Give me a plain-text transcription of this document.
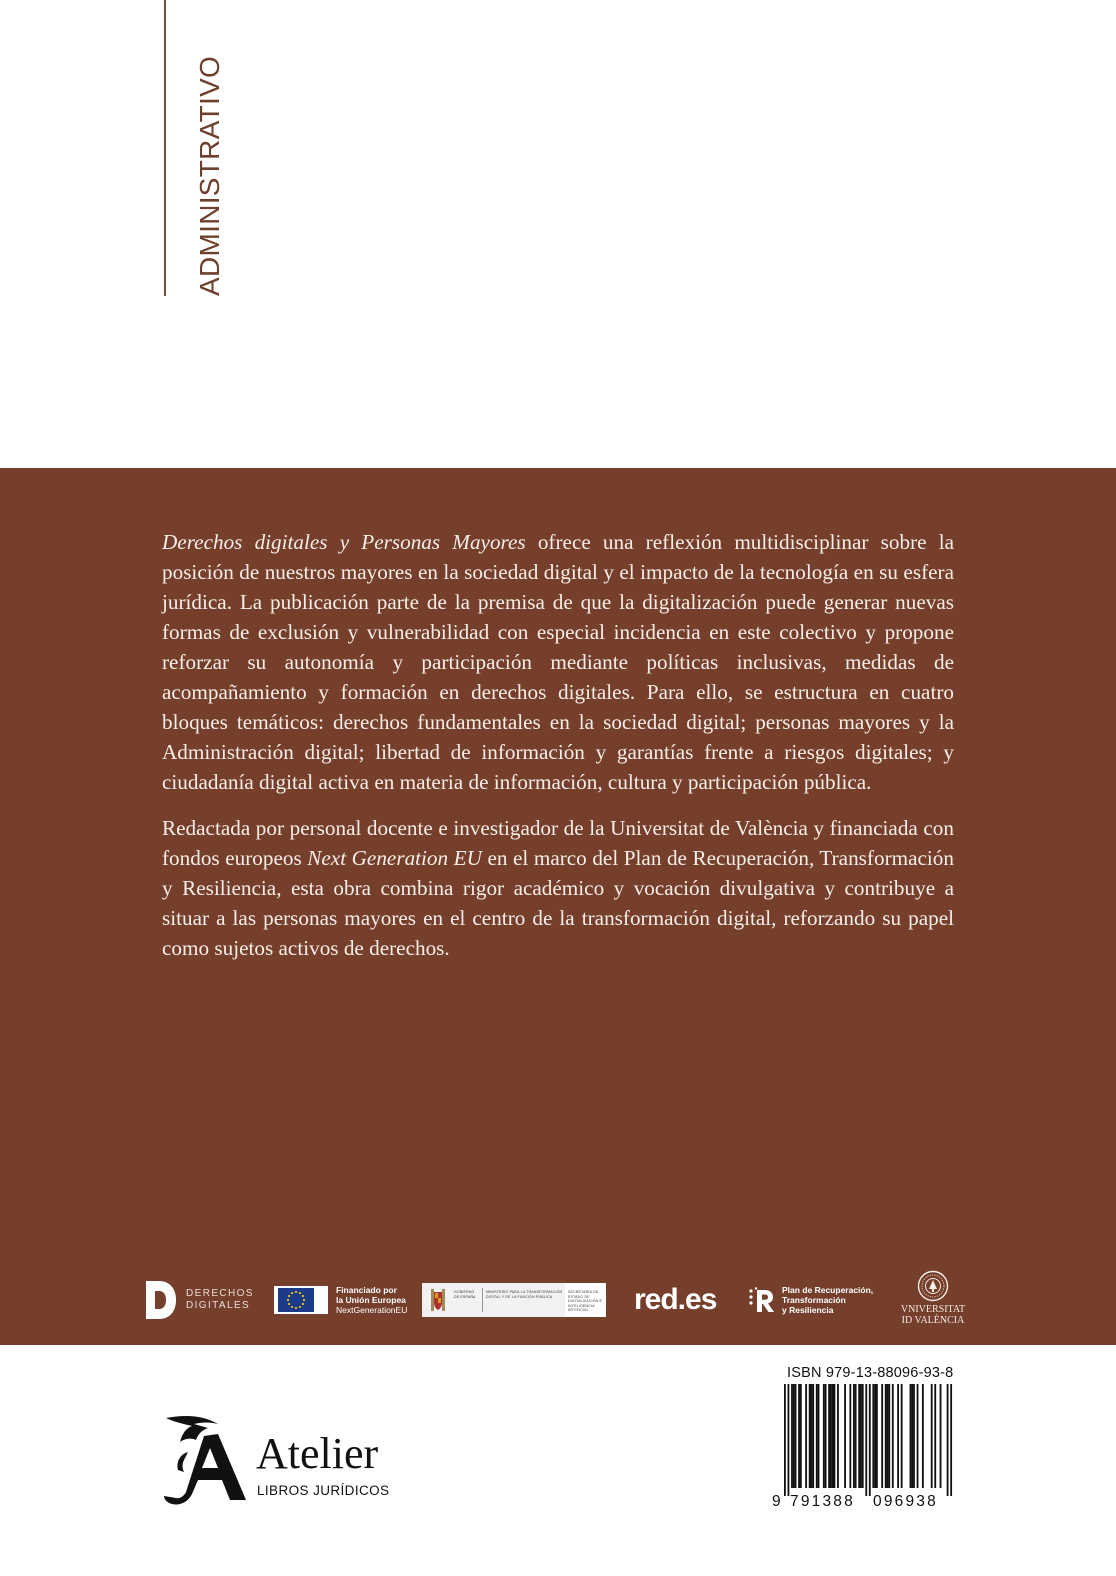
ADMINISTRATIVO

Derechos digitales y Personas Mayores ofrece una reflexión multidisciplinar sobre la posición de nuestros mayores en la sociedad digital y el impacto de la tecnología en su esfera jurídica. La publicación parte de la premisa de que la digitalización puede generar nuevas formas de exclusión y vulnerabilidad con especial incidencia en este colectivo y propone reforzar su autonomía y participación mediante políticas inclusivas, medidas de acompañamiento y formación en derechos digitales. Para ello, se estructura en cuatro bloques temáticos: derechos fundamentales en la sociedad digital; personas mayores y la Administración digital; libertad de información y garantías frente a riesgos digitales; y ciudadanía digital activa en materia de información, cultura y participación pública.

Redactada por personal docente e investigador de la Universitat de València y financiada con fondos europeos Next Generation EU en el marco del Plan de Recuperación, Transformación y Resiliencia, esta obra combina rigor académico y vocación divulgativa y contribuye a situar a las personas mayores en el centro de la transformación digital, reforzando su papel como sujetos activos de derechos.

DERECHOS
DIGITALES
Financiado por
la Unión Europea
NextGenerationEU
GOBIERNO DE ESPAÑA
MINISTERIO PARA LA TRANSFORMACIÓN DIGITAL Y DE LA FUNCIÓN PÚBLICA
SECRETARÍA DE ESTADO DE DIGITALIZACIÓN E INTELIGENCIA ARTIFICIAL	red.es	Plan de Recuperación,
Transformación
y Resiliencia	VNIVERSITAT
ID VALÈNCIA
Atelier
LIBROS JURÍDICOS
ISBN 979-13-88096-93-8
9 791388 096938
